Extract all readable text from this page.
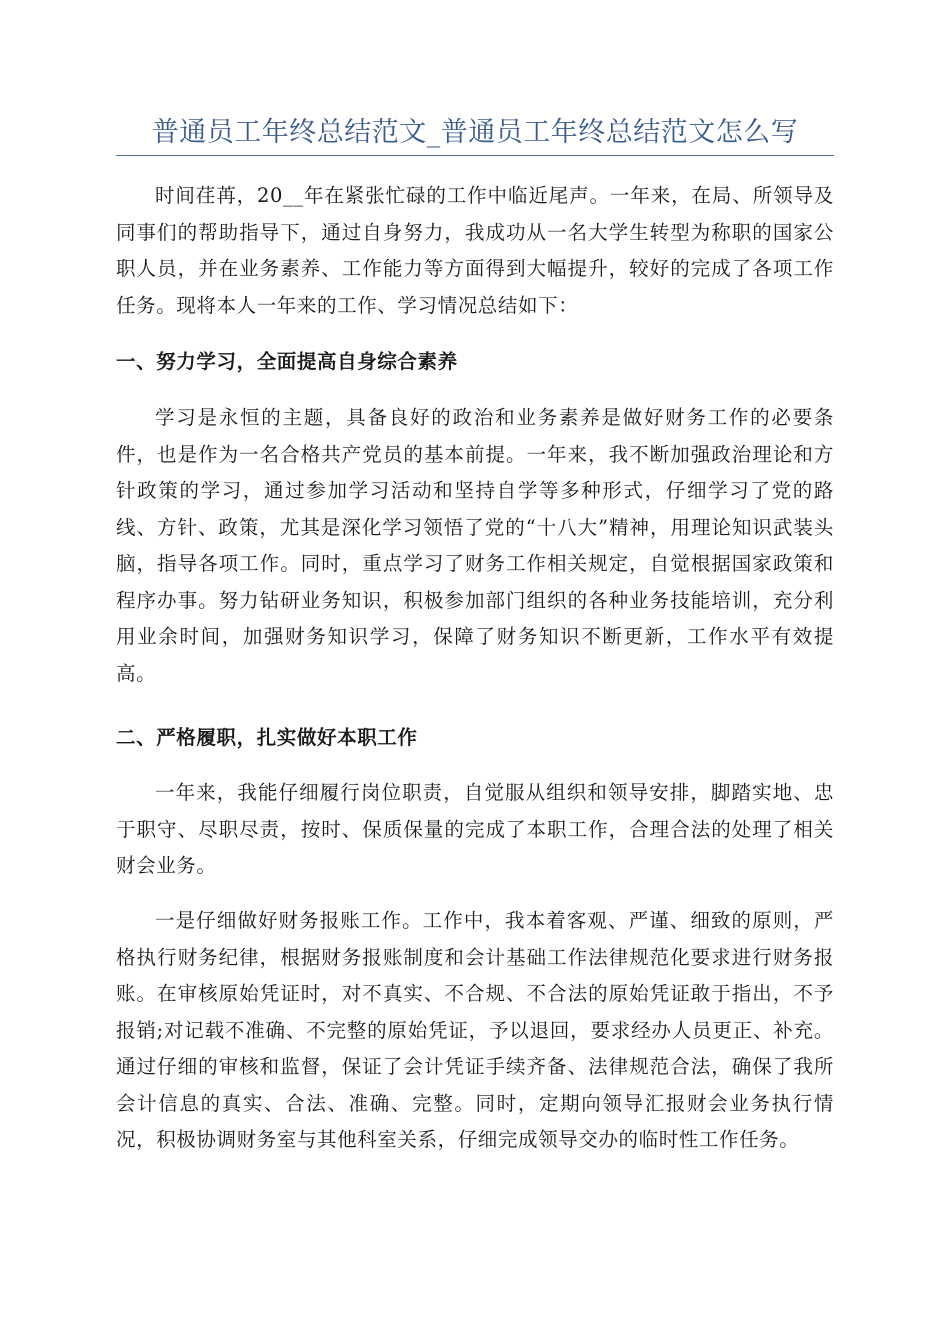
普通员工年终总结范文_普通员工年终总结范文怎么写

时间荏苒，20__年在紧张忙碌的工作中临近尾声。一年来，在局、所领导及同事们的帮助指导下，通过自身努力，我成功从一名大学生转型为称职的国家公职人员，并在业务素养、工作能力等方面得到大幅提升，较好的完成了各项工作任务。现将本人一年来的工作、学习情况总结如下：

一、努力学习，全面提高自身综合素养

学习是永恒的主题，具备良好的政治和业务素养是做好财务工作的必要条件，也是作为一名合格共产党员的基本前提。一年来，我不断加强政治理论和方针政策的学习，通过参加学习活动和坚持自学等多种形式，仔细学习了党的路线、方针、政策，尤其是深化学习领悟了党的“十八大”精神，用理论知识武装头脑，指导各项工作。同时，重点学习了财务工作相关规定，自觉根据国家政策和程序办事。努力钻研业务知识，积极参加部门组织的各种业务技能培训，充分利用业余时间，加强财务知识学习，保障了财务知识不断更新，工作水平有效提高。

二、严格履职，扎实做好本职工作

一年来，我能仔细履行岗位职责，自觉服从组织和领导安排，脚踏实地、忠于职守、尽职尽责，按时、保质保量的完成了本职工作，合理合法的处理了相关财会业务。

一是仔细做好财务报账工作。工作中，我本着客观、严谨、细致的原则，严格执行财务纪律，根据财务报账制度和会计基础工作法律规范化要求进行财务报账。在审核原始凭证时，对不真实、不合规、不合法的原始凭证敢于指出，不予报销;对记载不准确、不完整的原始凭证，予以退回，要求经办人员更正、补充。通过仔细的审核和监督，保证了会计凭证手续齐备、法律规范合法，确保了我所会计信息的真实、合法、准确、完整。同时，定期向领导汇报财会业务执行情况，积极协调财务室与其他科室关系，仔细完成领导交办的临时性工作任务。
